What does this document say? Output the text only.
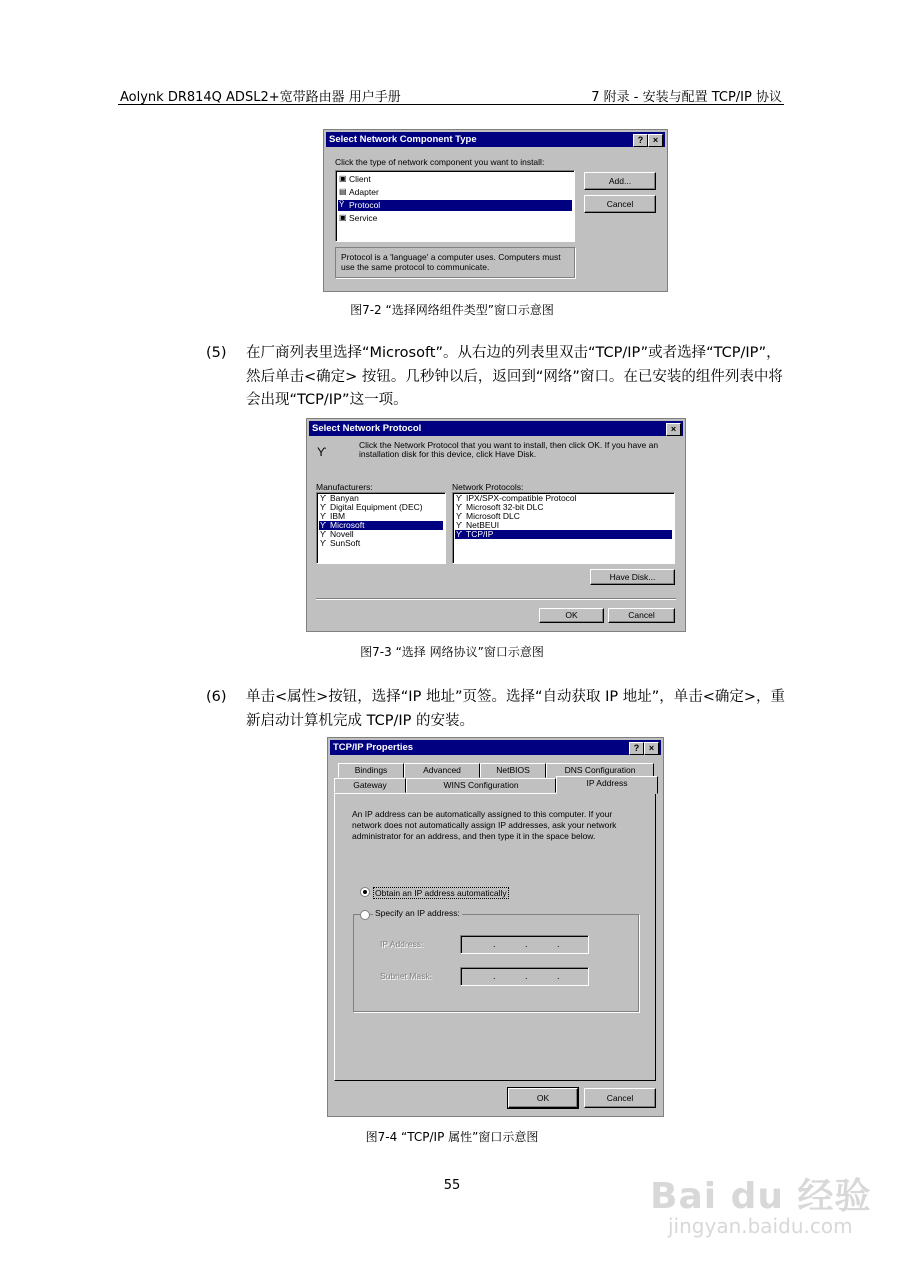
Aolynk DR814Q ADSL2+宽带路由器 用户手册	7 附录 - 安装与配置 TCP/IP 协议
Select Network Component Type	?	×
Click the type of network component you want to install:
▣ Client
▤ Adapter
Ϋ Protocol
▣ Service
Add...
Cancel
Protocol is a 'language' a computer uses. Computers must use the same protocol to communicate.
图7-2 “选择网络组件类型”窗口示意图
(5) 在厂商列表里选择“Microsoft”。从右边的列表里双击“TCP/IP”或者选择“TCP/IP”，然后单击<确定> 按钮。几秒钟以后，返回到“网络”窗口。在已安装的组件列表中将会出现“TCP/IP”这一项。
Select Network Protocol	×
ϒ	Click the Network Protocol that you want to install, then click OK. If you have an installation disk for this device, click Have Disk.
Manufacturers:	Network Protocols:
ϒ Banyan
ϒ Digital Equipment (DEC)
ϒ IBM
ϒ Microsoft
ϒ Novell
ϒ SunSoft
ϒ IPX/SPX-compatible Protocol
ϒ Microsoft 32-bit DLC
ϒ Microsoft DLC
ϒ NetBEUI
ϒ TCP/IP
Have Disk...
OK	Cancel
图7-3 “选择 网络协议”窗口示意图
(6) 单击<属性>按钮，选择“IP 地址”页签。选择“自动获取 IP 地址”，单击<确定>，重新启动计算机完成 TCP/IP 的安装。
TCP/IP Properties	?	×
Bindings	Advanced	NetBIOS	DNS Configuration
Gateway	WINS Configuration	IP Address
An IP address can be automatically assigned to this computer. If your network does not automatically assign IP addresses, ask your network administrator for an address, and then type it in the space below.
Obtain an IP address automatically
Specify an IP address:
IP Address:	.	.	.
Subnet Mask:	.	.	.
OK	Cancel
图7-4 “TCP/IP 属性”窗口示意图
55	Bai du 经验
jingyan.baidu.com
